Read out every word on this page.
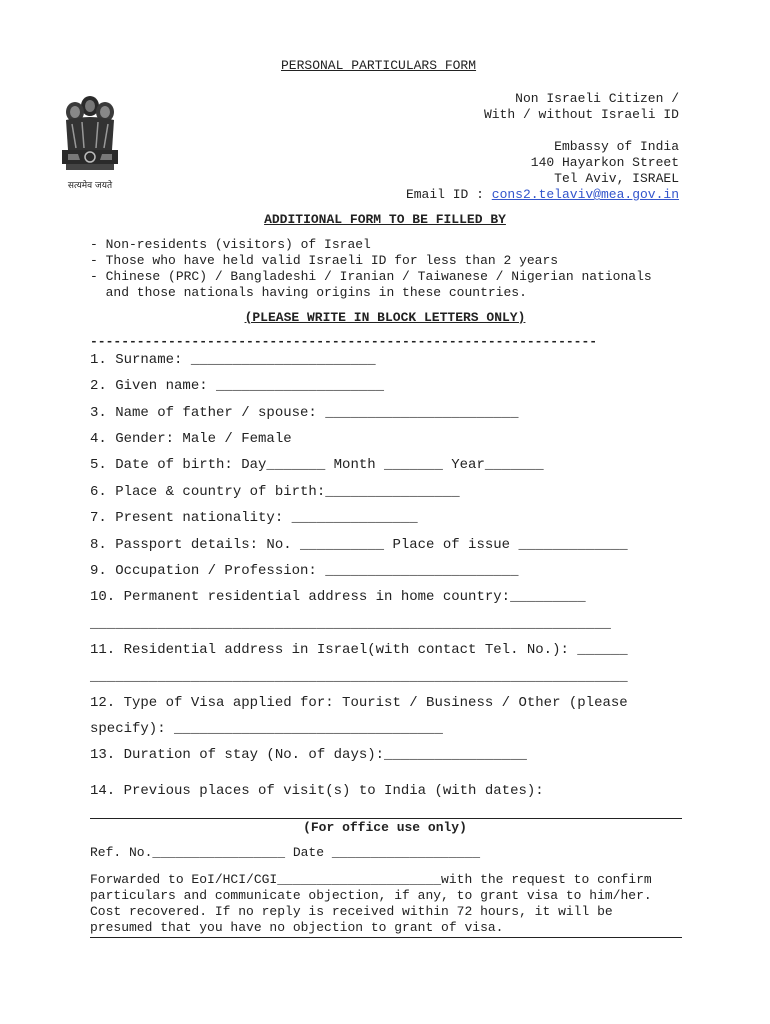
PERSONAL PARTICULARS FORM
सत्यमेव जयते
Non Israeli Citizen /
With / without Israeli ID
Embassy of India
140 Hayarkon Street
Tel Aviv, ISRAEL
Email ID : cons2.telaviv@mea.gov.in
ADDITIONAL FORM TO BE FILLED BY
- Non-residents (visitors) of Israel
- Those who have held valid Israeli ID for less than 2 years
- Chinese (PRC) / Bangladeshi / Iranian / Taiwanese / Nigerian nationals
and those nationals having origins in these countries.
(PLEASE WRITE IN BLOCK LETTERS ONLY)
-----------------------------------------------------------------
1. Surname: ______________________
2. Given name: ____________________
3. Name of father / spouse: _______________________
4. Gender: Male / Female
5. Date of birth: Day_______ Month _______ Year_______
6. Place & country of birth:________________
7. Present nationality: _______________
8. Passport details: No. __________ Place of issue _____________
9. Occupation / Profession: _______________________
10. Permanent residential address in home country:_________
______________________________________________________________
11. Residential address in Israel(with contact Tel. No.): ______
________________________________________________________________
12. Type of Visa applied for: Tourist / Business / Other (please
specify): ________________________________
13. Duration of stay (No. of days):_________________
14. Previous places of visit(s) to India (with dates):
(For office use only)
Ref. No._________________ Date ___________________
Forwarded to EoI/HCI/CGI_____________________with the request to confirm
particulars and communicate objection, if any, to grant visa to him/her.
Cost recovered. If no reply is received within 72 hours, it will be
presumed that you have no objection to grant of visa.
